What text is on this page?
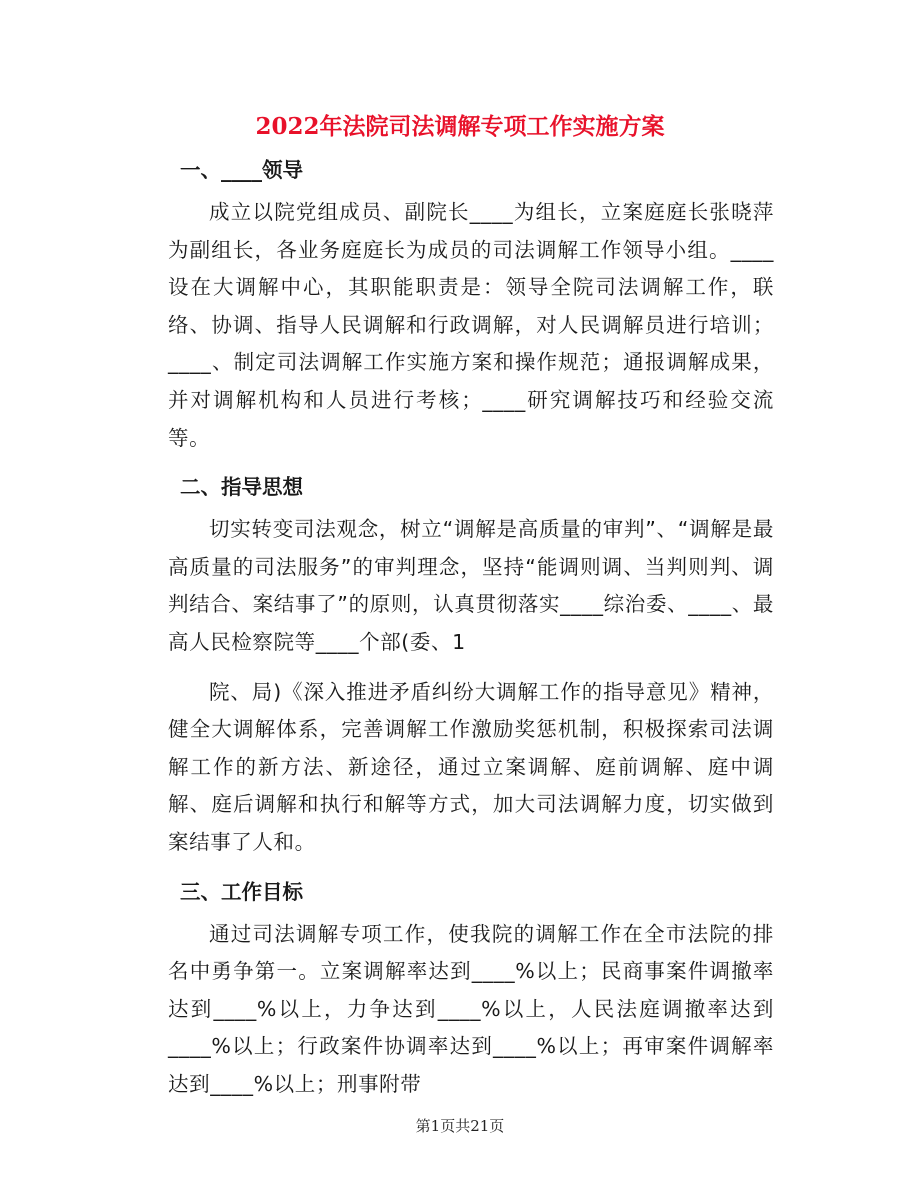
2022年法院司法调解专项工作实施方案
一、____领导

成立以院党组成员、副院长____为组长，立案庭庭长张晓萍为副组长，各业务庭庭长为成员的司法调解工作领导小组。____设在大调解中心，其职能职责是：领导全院司法调解工作，联络、协调、指导人民调解和行政调解，对人民调解员进行培训；____、制定司法调解工作实施方案和操作规范；通报调解成果，并对调解机构和人员进行考核；____研究调解技巧和经验交流等。

二、指导思想

切实转变司法观念，树立“调解是高质量的审判”、“调解是最高质量的司法服务”的审判理念，坚持“能调则调、当判则判、调判结合、案结事了”的原则，认真贯彻落实____综治委、____、最高人民检察院等____个部(委、1

院、局)《深入推进矛盾纠纷大调解工作的指导意见》精神，健全大调解体系，完善调解工作激励奖惩机制，积极探索司法调解工作的新方法、新途径，通过立案调解、庭前调解、庭中调解、庭后调解和执行和解等方式，加大司法调解力度，切实做到案结事了人和。

三、工作目标

通过司法调解专项工作，使我院的调解工作在全市法院的排名中勇争第一。立案调解率达到____%以上；民商事案件调撤率达到____%以上，力争达到____%以上，人民法庭调撤率达到____%以上；行政案件协调率达到____%以上；再审案件调解率达到____%以上；刑事附带

第1页共21页
